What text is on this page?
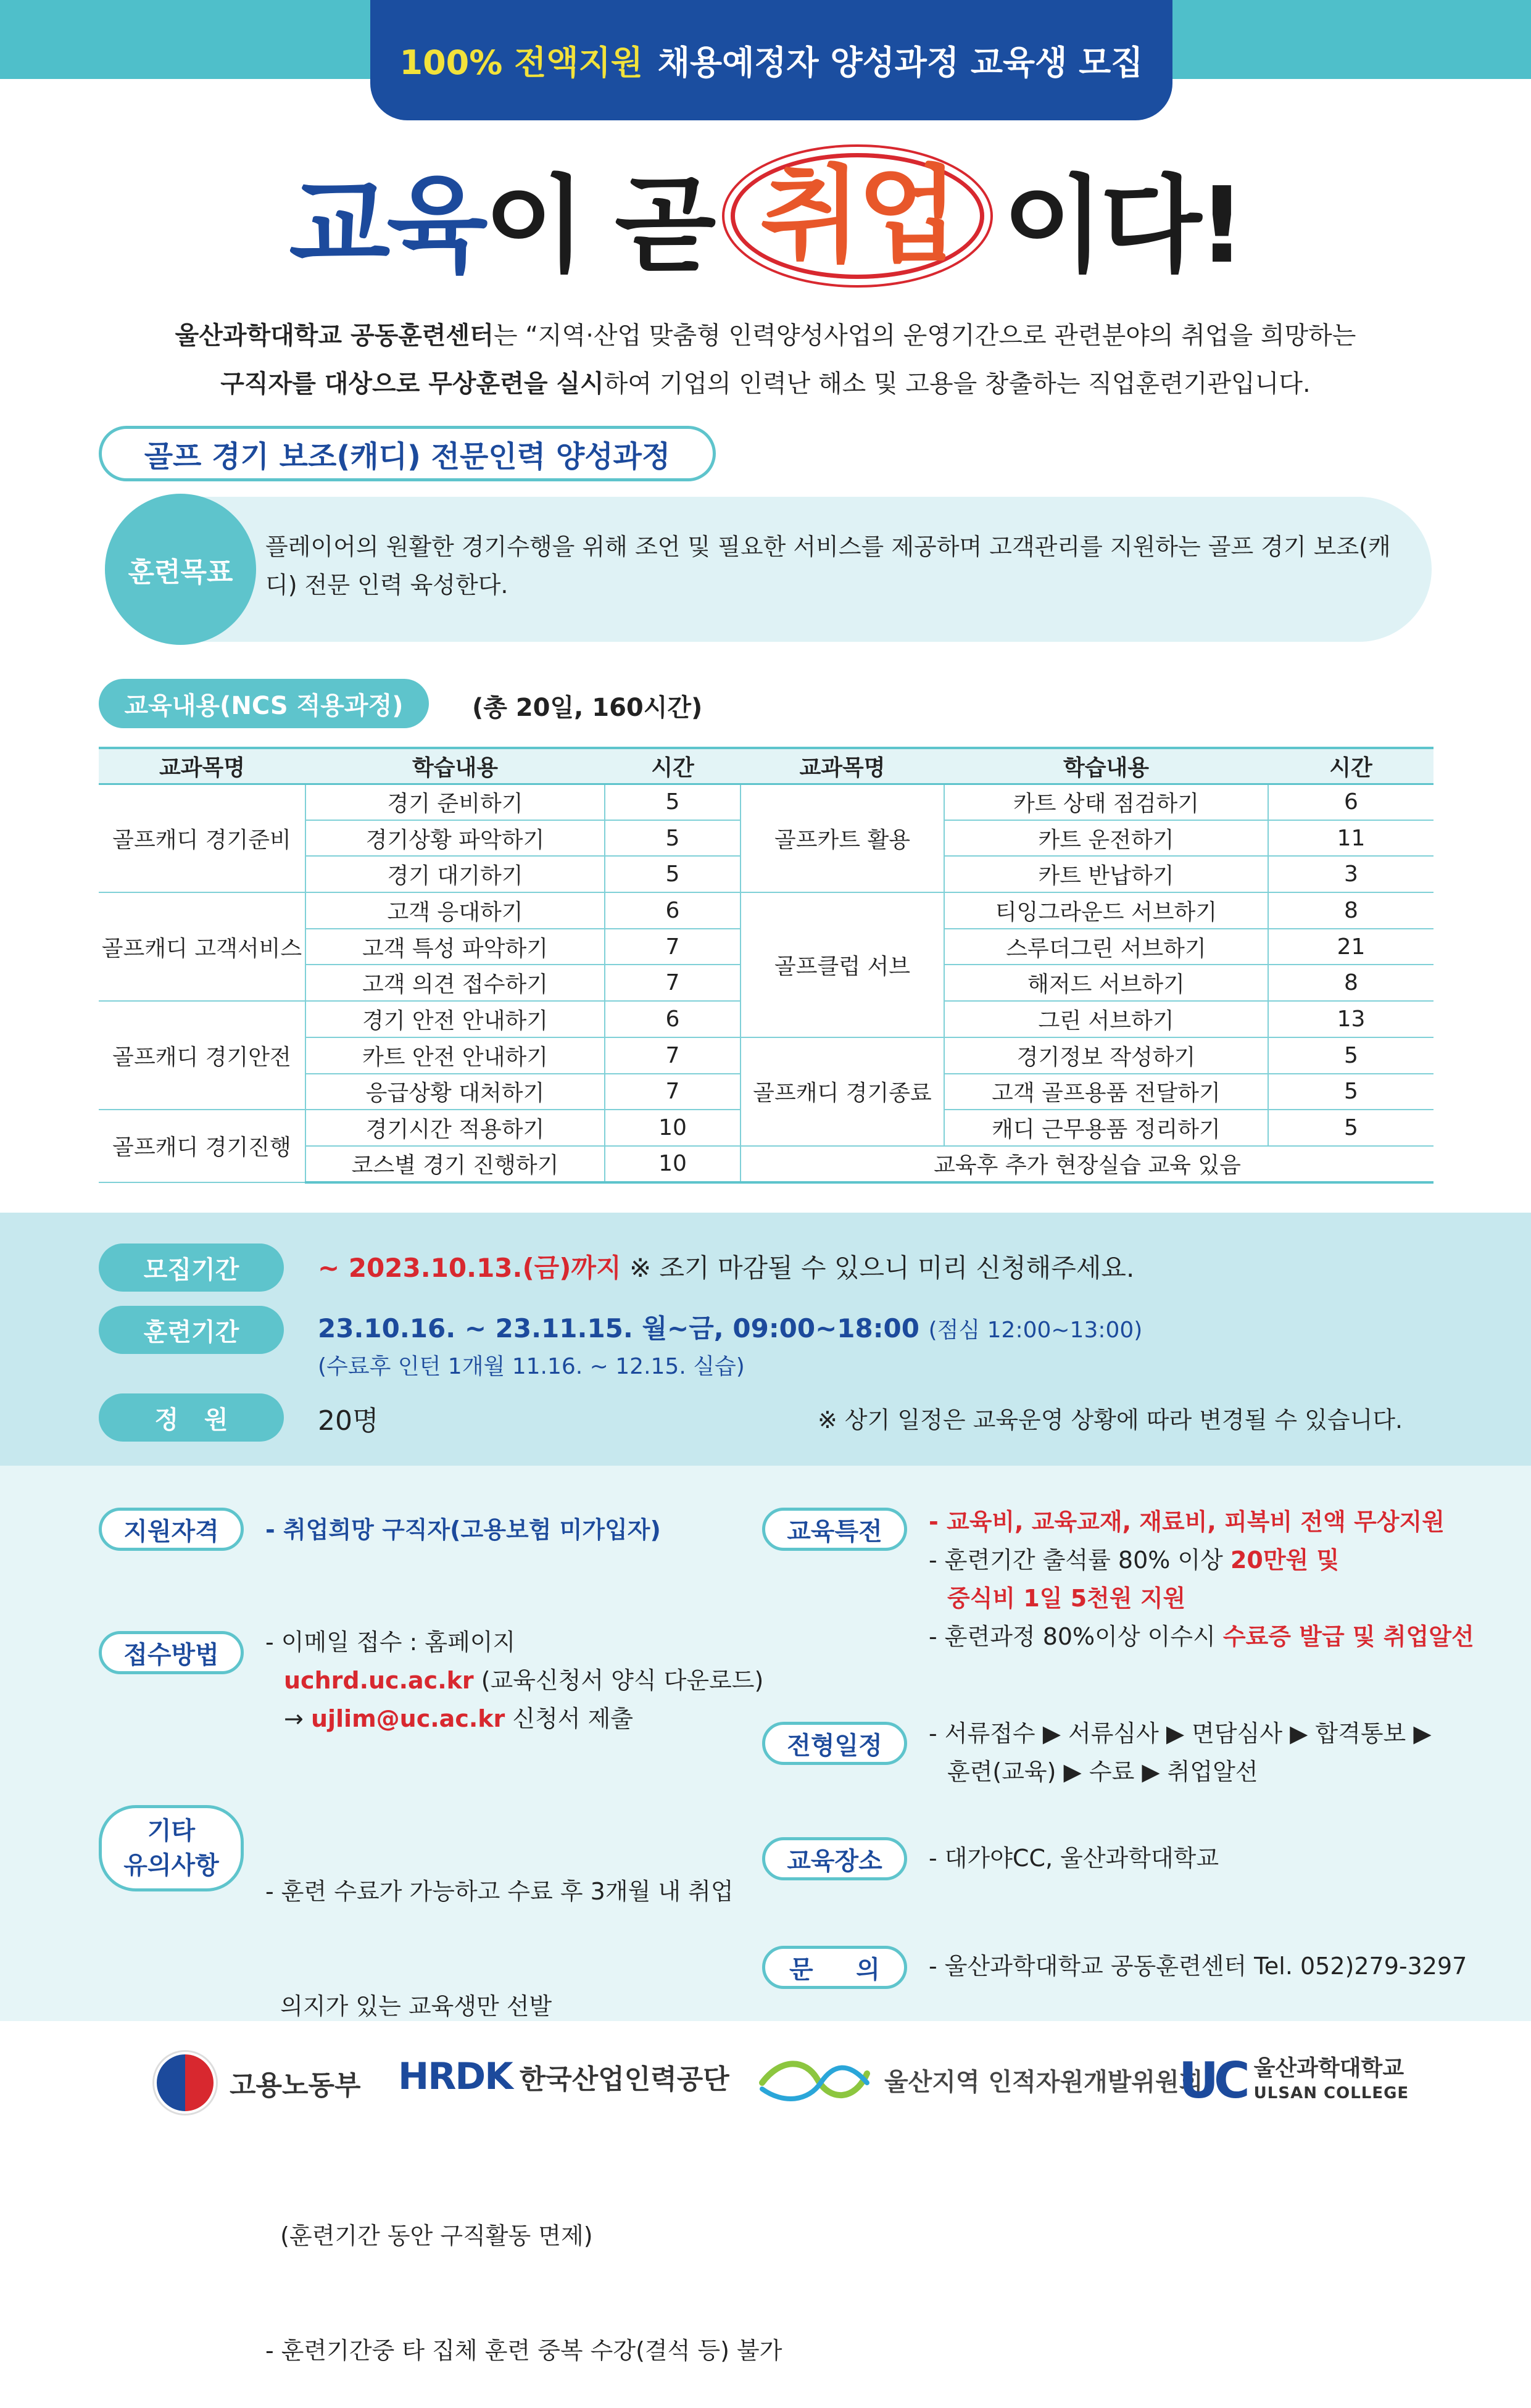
100% 전액지원 채용예정자 양성과정 교육생 모집
교육 이 곧 취업 이다!
울산과학대학교 공동훈련센터는 “지역·산업 맞춤형 인력양성사업의 운영기간으로 관련분야의 취업을 희망하는
구직자를 대상으로 무상훈련을 실시하여 기업의 인력난 해소 및 고용을 창출하는 직업훈련기관입니다.
골프 경기 보조(캐디) 전문인력 양성과정
훈련목표
플레이어의 원활한 경기수행을 위해 조언 및 필요한 서비스를 제공하며 고객관리를 지원하는 골프 경기 보조(캐디) 전문 인력 육성한다.
교육내용(NCS 적용과정)	(총 20일, 160시간)
교과목명	학습내용	시간	교과목명	학습내용	시간
골프캐디 경기준비	경기 준비하기	5	골프카트 활용	카트 상태 점검하기	6
	경기상황 파악하기	5		카트 운전하기	11
	경기 대기하기	5		카트 반납하기	3
골프캐디 고객서비스	고객 응대하기	6	골프클럽 서브	티잉그라운드 서브하기	8
	고객 특성 파악하기	7		스루더그린 서브하기	21
	고객 의견 접수하기	7		해저드 서브하기	8
골프캐디 경기안전	경기 안전 안내하기	6		그린 서브하기	13
	카트 안전 안내하기	7	골프캐디 경기종료	경기정보 작성하기	5
	응급상황 대처하기	7		고객 골프용품 전달하기	5
골프캐디 경기진행	경기시간 적용하기	10		캐디 근무용품 정리하기	5
	코스별 경기 진행하기	10	교육후 추가 현장실습 교육 있음		
모집기간	~ 2023.10.13.(금)까지 ※ 조기 마감될 수 있으니 미리 신청해주세요.
훈련기간	23.10.16. ~ 23.11.15. 월~금, 09:00~18:00 (점심 12:00~13:00)
(수료후 인턴 1개월 11.16. ~ 12.15. 실습)
정   원	20명	※ 상기 일정은 교육운영 상황에 따라 변경될 수 있습니다.
지원자격	- 취업희망 구직자(고용보험 미가입자)
접수방법	- 이메일 접수 : 홈페이지
uchrd.uc.ac.kr (교육신청서 양식 다운로드)
→ ujlim@uc.ac.kr 신청서 제출
기타
유의사항

- 훈련 수료가 가능하고 수료 후 3개월 내 취업

의지가 있는 교육생만 선발

(훈련기간 동안 구직활동 면제)

- 훈련기간중 타 집체 훈련 중복 수강(결석 등) 불가

교육특전	- 교육비, 교육교재, 재료비, 피복비 전액 무상지원
- 훈련기간 출석률 80% 이상 20만원 및
중식비 1일 5천원 지원
- 훈련과정 80%이상 이수시 수료증 발급 및 취업알선
전형일정	- 서류접수 ▶ 서류심사 ▶ 면담심사 ▶ 합격통보 ▶
훈련(교육) ▶ 수료 ▶ 취업알선
교육장소	- 대가야CC, 울산과학대학교
문     의	- 울산과학대학교 공동훈련센터 Tel. 052)279-3297
고용노동부 HRDK 한국산업인력공단	울산지역 인적자원개발위원회
UC 울산과학대학교
ULSAN COLLEGE
